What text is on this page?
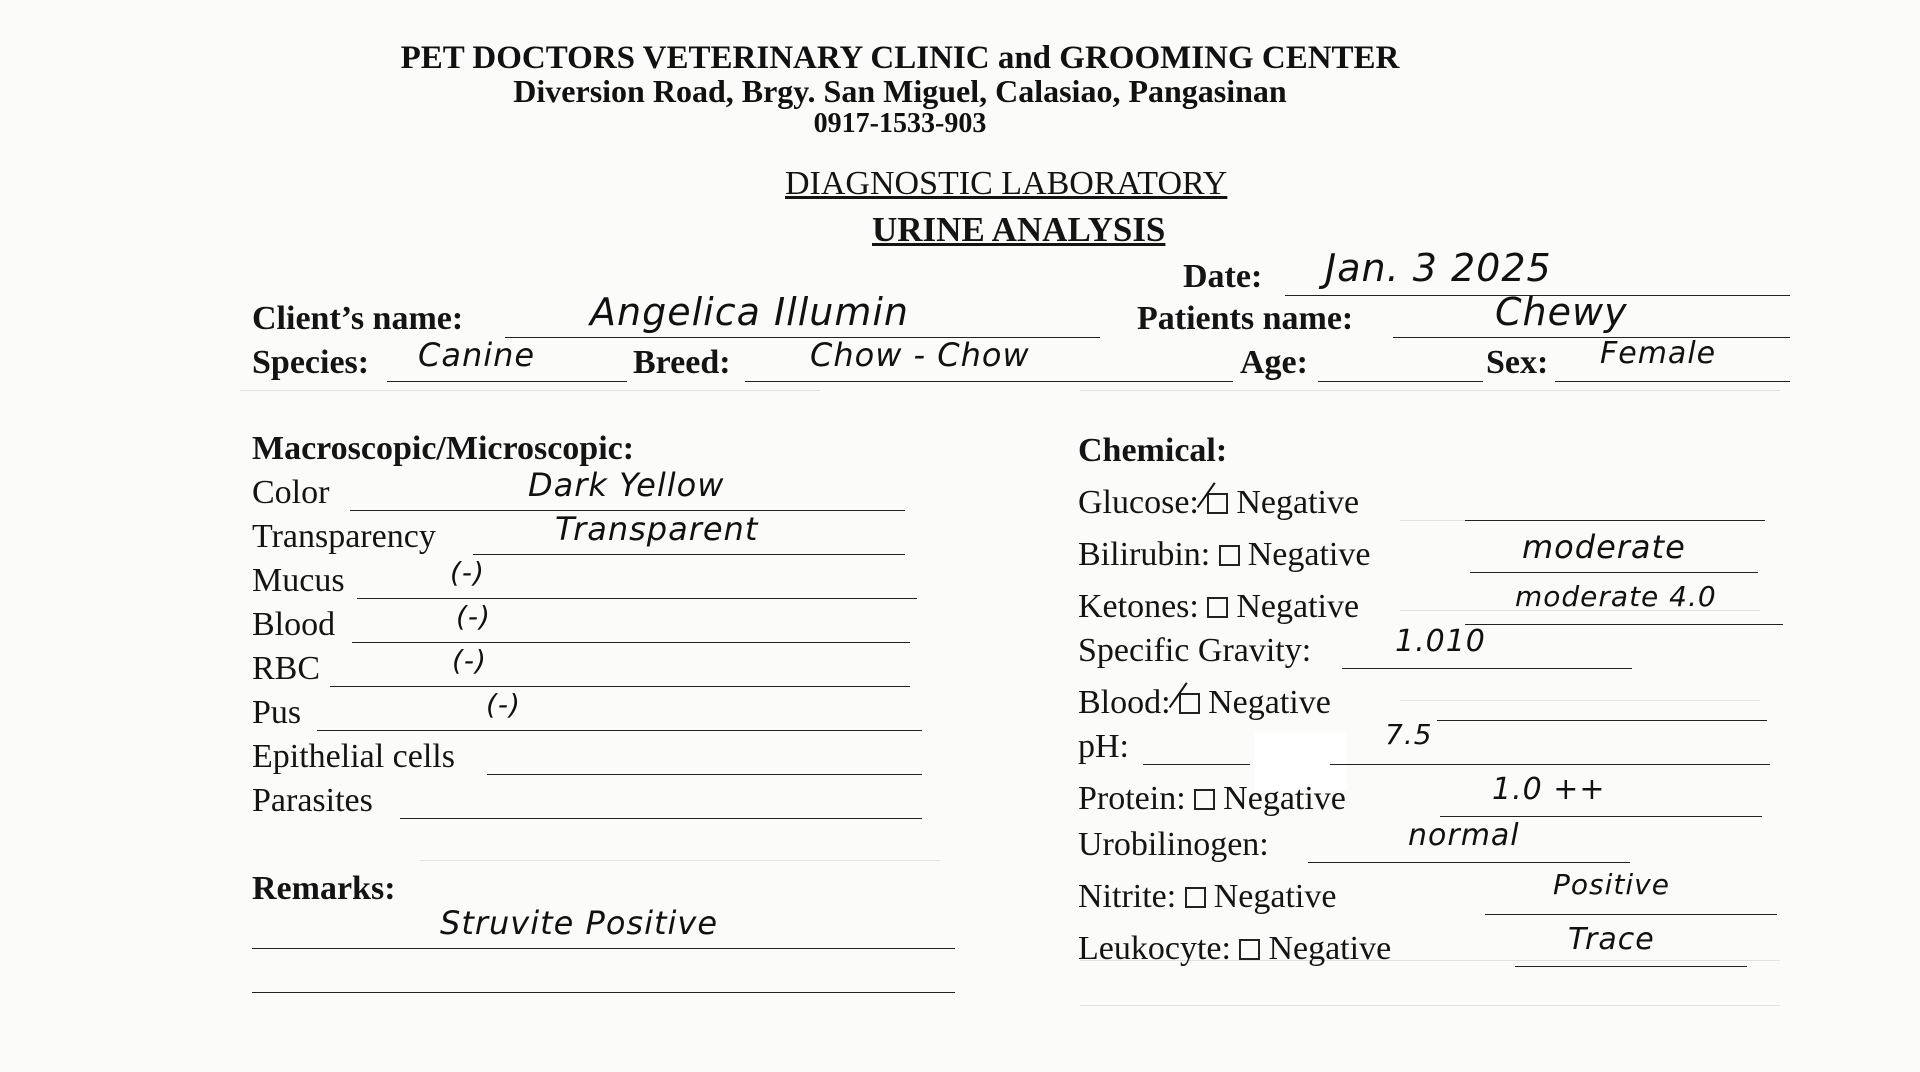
PET DOCTORS VETERINARY CLINIC and GROOMING CENTER
Diversion Road, Brgy. San Miguel, Calasiao, Pangasinan
0917-1533-903
DIAGNOSTIC LABORATORY
URINE ANALYSIS
Date: Jan. 3 2025
Client’s name:	Angelica Illumin	Patients name:	Chewy
Species: Canine	Breed: Chow - Chow	Age:	Sex: Female
Macroscopic/Microscopic:
Color	Dark Yellow
Transparency	Transparent
Mucus	(-)
Blood	(-)
RBC	(-)
Pus	(-)
Epithelial cells
Parasites
Remarks:
Struvite Positive
Chemical:
Glucose: Negative
Bilirubin: Negative	moderate
Ketones: Negative	moderate 4.0
Specific Gravity:	1.010
Blood: Negative
pH:	7.5
Protein: Negative	1.0 ++
Urobilinogen:	normal
Nitrite: Negative	Positive
Leukocyte: Negative	Trace
